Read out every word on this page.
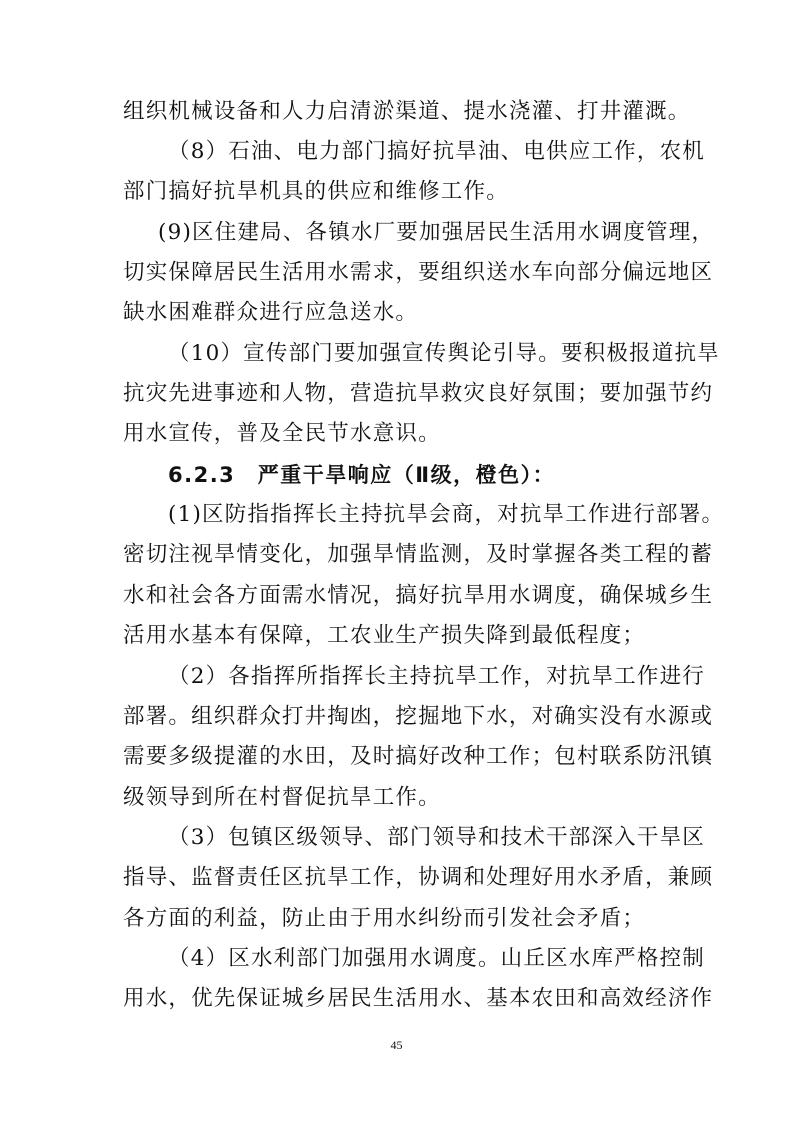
组织机械设备和人力启清淤渠道、提水浇灌、打井灌溉。
（8）石油、电力部门搞好抗旱油、电供应工作，农机
部门搞好抗旱机具的供应和维修工作。
(9)区住建局、各镇水厂要加强居民生活用水调度管理，
切实保障居民生活用水需求，要组织送水车向部分偏远地区
缺水困难群众进行应急送水。
（10）宣传部门要加强宣传舆论引导。要积极报道抗旱
抗灾先进事迹和人物，营造抗旱救灾良好氛围；要加强节约
用水宣传，普及全民节水意识。
6.2.3　严重干旱响应（Ⅱ级，橙色）：
(1)区防指指挥长主持抗旱会商，对抗旱工作进行部署。
密切注视旱情变化，加强旱情监测，及时掌握各类工程的蓄
水和社会各方面需水情况，搞好抗旱用水调度，确保城乡生
活用水基本有保障，工农业生产损失降到最低程度；
（2）各指挥所指挥长主持抗旱工作，对抗旱工作进行
部署。组织群众打井掏凼，挖掘地下水，对确实没有水源或
需要多级提灌的水田，及时搞好改种工作；包村联系防汛镇
级领导到所在村督促抗旱工作。
（3）包镇区级领导、部门领导和技术干部深入干旱区
指导、监督责任区抗旱工作，协调和处理好用水矛盾，兼顾
各方面的利益，防止由于用水纠纷而引发社会矛盾；
（4）区水利部门加强用水调度。山丘区水库严格控制
用水，优先保证城乡居民生活用水、基本农田和高效经济作
45
